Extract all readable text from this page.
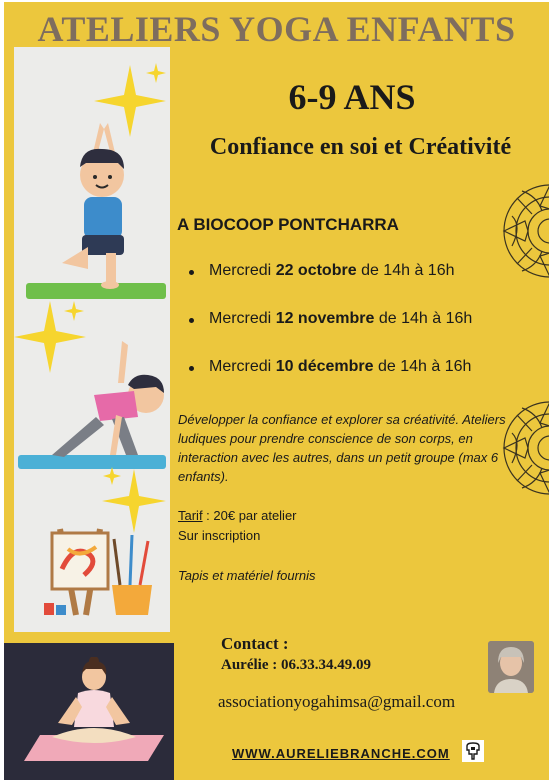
ATELIERS YOGA ENFANTS
6-9 ANS
Confiance en soi et Créativité
A BIOCOOP PONTCHARRA
Mercredi 22 octobre de 14h à 16h
Mercredi 12 novembre de 14h à 16h
Mercredi 10 décembre de 14h à 16h
Développer la confiance et explorer sa créativité. Ateliers ludiques pour prendre conscience de son corps, en interaction avec les autres, dans un petit groupe (max 6 enfants).
Tarif : 20€ par atelier
Sur inscription
Tapis et matériel fournis
Contact :
Aurélie : 06.33.34.49.09
associationyogahimsa@gmail.com
WWW.AURELIEBRANCHE.COM
